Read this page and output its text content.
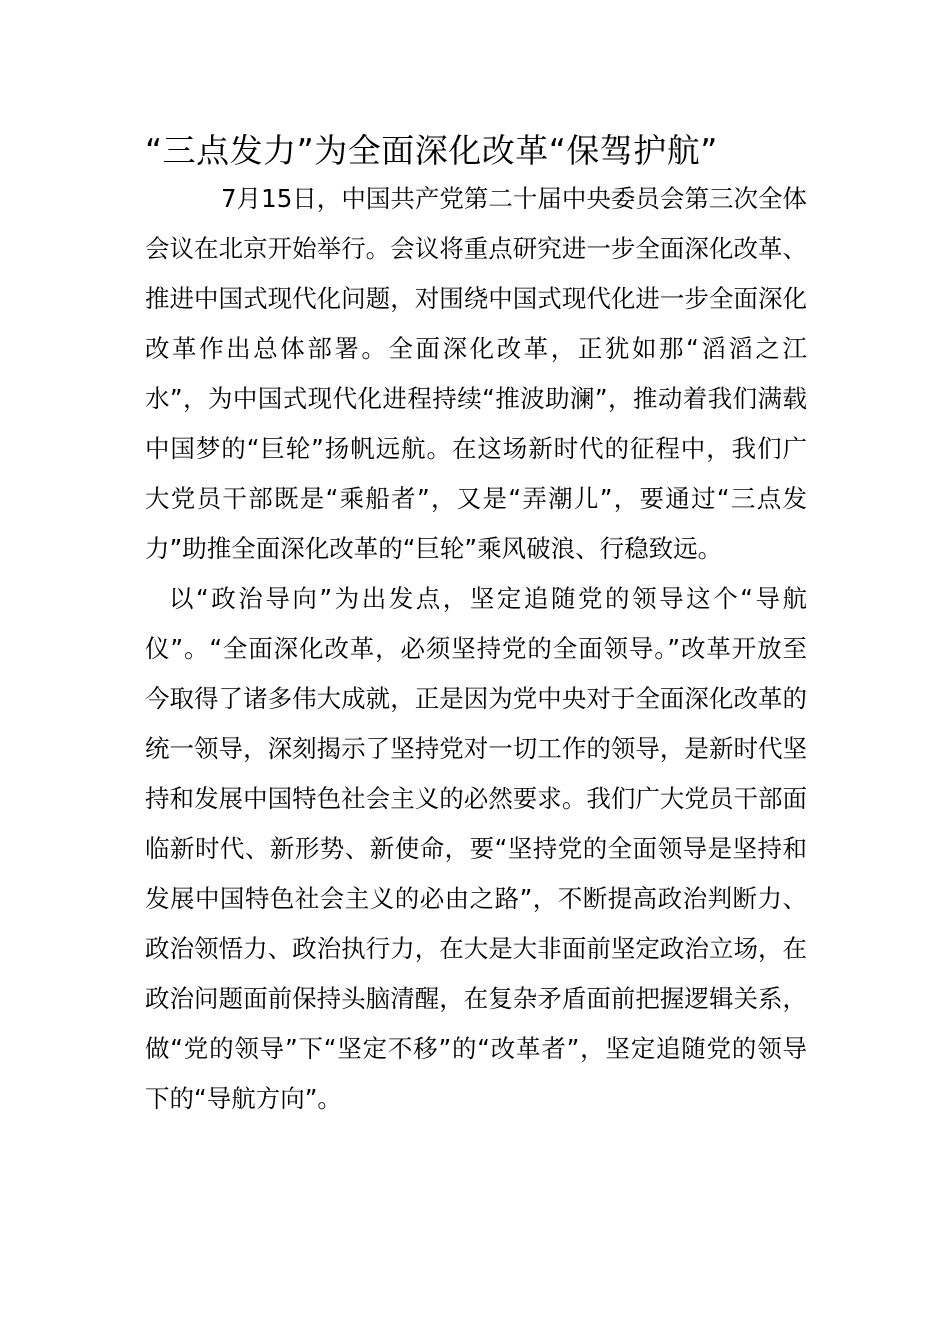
“三点发力”为全面深化改革“保驾护航”

7月15日，中国共产党第二十届中央委员会第三次全体会议在北京开始举行。会议将重点研究进一步全面深化改革、推进中国式现代化问题，对围绕中国式现代化进一步全面深化改革作出总体部署。全面深化改革，正犹如那“滔滔之江水”，为中国式现代化进程持续“推波助澜”，推动着我们满载中国梦的“巨轮”扬帆远航。在这场新时代的征程中，我们广大党员干部既是“乘船者”，又是“弄潮儿”，要通过“三点发力”助推全面深化改革的“巨轮”乘风破浪、行稳致远。

以“政治导向”为出发点，坚定追随党的领导这个“导航仪”。“全面深化改革，必须坚持党的全面领导。”改革开放至今取得了诸多伟大成就，正是因为党中央对于全面深化改革的统一领导，深刻揭示了坚持党对一切工作的领导，是新时代坚持和发展中国特色社会主义的必然要求。我们广大党员干部面临新时代、新形势、新使命，要“坚持党的全面领导是坚持和发展中国特色社会主义的必由之路”，不断提高政治判断力、政治领悟力、政治执行力，在大是大非面前坚定政治立场，在政治问题面前保持头脑清醒，在复杂矛盾面前把握逻辑关系，做“党的领导”下“坚定不移”的“改革者”，坚定追随党的领导下的“导航方向”。
